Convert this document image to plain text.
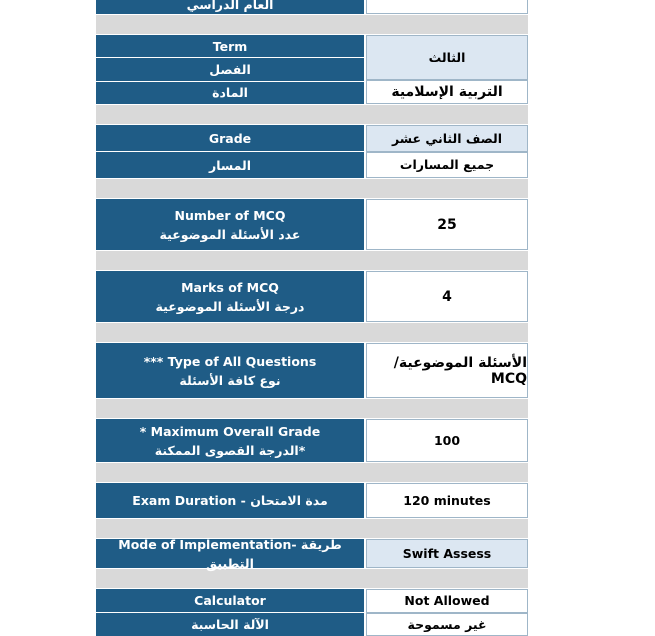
العام الدراسي
Term
الفصل
المادة
الثالث
التربية الإسلامية
Grade
المسار
الصف الثاني عشر
جميع المسارات
Number of MCQ
عدد الأسئلة الموضوعية
25
Marks of MCQ
درجة الأسئلة الموضوعية
4
*** Type of All Questions
نوع كافة الأسئلة
الأسئلة الموضوعية/ MCQ
* Maximum Overall Grade
*الدرجة القصوى الممكنة
100
Exam Duration - مدة الامتحان	120 minutes
Mode of Implementation- طريقة التطبيق
Swift Assess
Calculator
الآلة الحاسبة
Not Allowed
غير مسموحة
